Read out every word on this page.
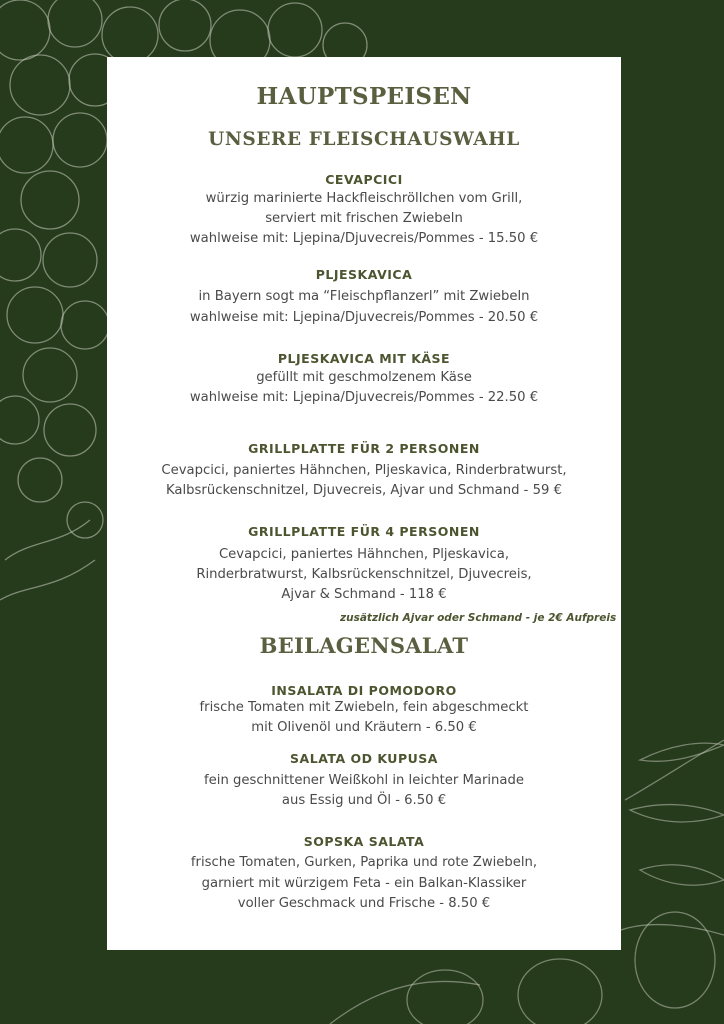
HAUPTSPEISEN
UNSERE FLEISCHAUSWAHL
CEVAPCICI
würzig marinierte Hackfleischröllchen vom Grill,
serviert mit frischen Zwiebeln
wahlweise mit: Ljepina/Djuvecreis/Pommes - 15.50 €
PLJESKAVICA
in Bayern sogt ma “Fleischpflanzerl” mit Zwiebeln
wahlweise mit: Ljepina/Djuvecreis/Pommes - 20.50 €
PLJESKAVICA MIT KÄSE
gefüllt mit geschmolzenem Käse
wahlweise mit: Ljepina/Djuvecreis/Pommes - 22.50 €
GRILLPLATTE FÜR 2 PERSONEN
Cevapcici, paniertes Hähnchen, Pljeskavica, Rinderbratwurst,
Kalbsrückenschnitzel, Djuvecreis, Ajvar und Schmand - 59 €
GRILLPLATTE FÜR 4 PERSONEN
Cevapcici, paniertes Hähnchen, Pljeskavica,
Rinderbratwurst, Kalbsrückenschnitzel, Djuvecreis,
Ajvar & Schmand - 118 €
zusätzlich Ajvar oder Schmand - je 2€ Aufpreis
BEILAGENSALAT
INSALATA DI POMODORO
frische Tomaten mit Zwiebeln, fein abgeschmeckt
mit Olivenöl und Kräutern - 6.50 €
SALATA OD KUPUSA
fein geschnittener Weißkohl in leichter Marinade
aus Essig und Öl - 6.50 €
SOPSKA SALATA
frische Tomaten, Gurken, Paprika und rote Zwiebeln,
garniert mit würzigem Feta - ein Balkan-Klassiker
voller Geschmack und Frische - 8.50 €
